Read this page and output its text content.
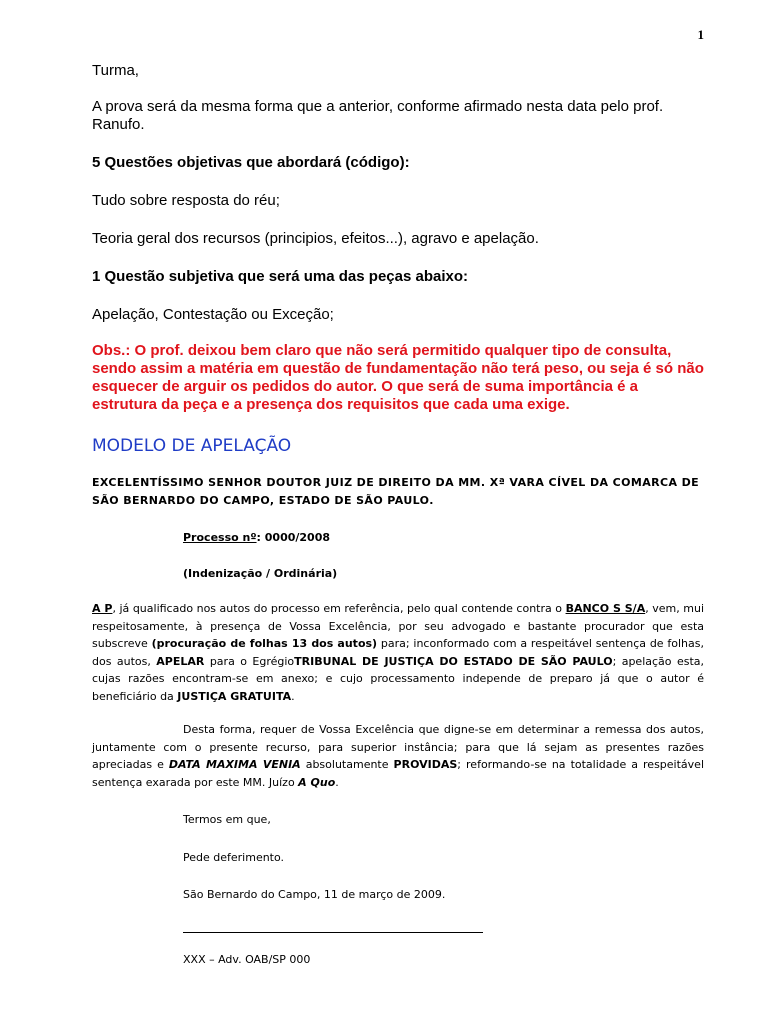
1

Turma,

A prova será da mesma forma que a anterior, conforme afirmado nesta data pelo prof. Ranufo.

5 Questões objetivas que abordará (código):

Tudo sobre resposta do réu;

Teoria geral dos recursos (principios, efeitos...), agravo e apelação.

1 Questão subjetiva que será uma das peças abaixo:

Apelação, Contestação ou Exceção;

Obs.: O prof. deixou bem claro que não será permitido qualquer tipo de consulta, sendo assim a matéria em questão de fundamentação não terá peso, ou seja é só não esquecer de arguir os pedidos do autor. O que será de suma importância é a estrutura da peça e a presença dos requisitos que cada uma exige.

MODELO DE APELAÇÃO

EXCELENTÍSSIMO SENHOR DOUTOR JUIZ DE DIREITO DA MM. Xª VARA CÍVEL DA COMARCA DE
SÃO BERNARDO DO CAMPO, ESTADO DE SÃO PAULO.

Processo nº: 0000/2008

(Indenização / Ordinária)

A P, já qualificado nos autos do processo em referência, pelo qual contende contra o BANCO S S/A, vem, mui respeitosamente, à presença de Vossa Excelência, por seu advogado e bastante procurador que esta subscreve (procuração de folhas 13 dos autos) para; inconformado com a respeitável sentença de folhas, dos autos, APELAR para o EgrégioTRIBUNAL DE JUSTIÇA DO ESTADO DE SÃO PAULO; apelação esta, cujas razões encontram-se em anexo; e cujo processamento independe de preparo já que o autor é beneficiário da JUSTIÇA GRATUITA.

Desta forma, requer de Vossa Excelência que digne-se em determinar a remessa dos autos, juntamente com o presente recurso, para superior instância; para que lá sejam as presentes razões apreciadas e DATA MAXIMA VENIA absolutamente PROVIDAS; reformando-se na totalidade a respeitável sentença exarada por este MM. Juízo A Quo.

Termos em que,

Pede deferimento.

São Bernardo do Campo, 11 de março de 2009.

XXX – Adv. OAB/SP 000
